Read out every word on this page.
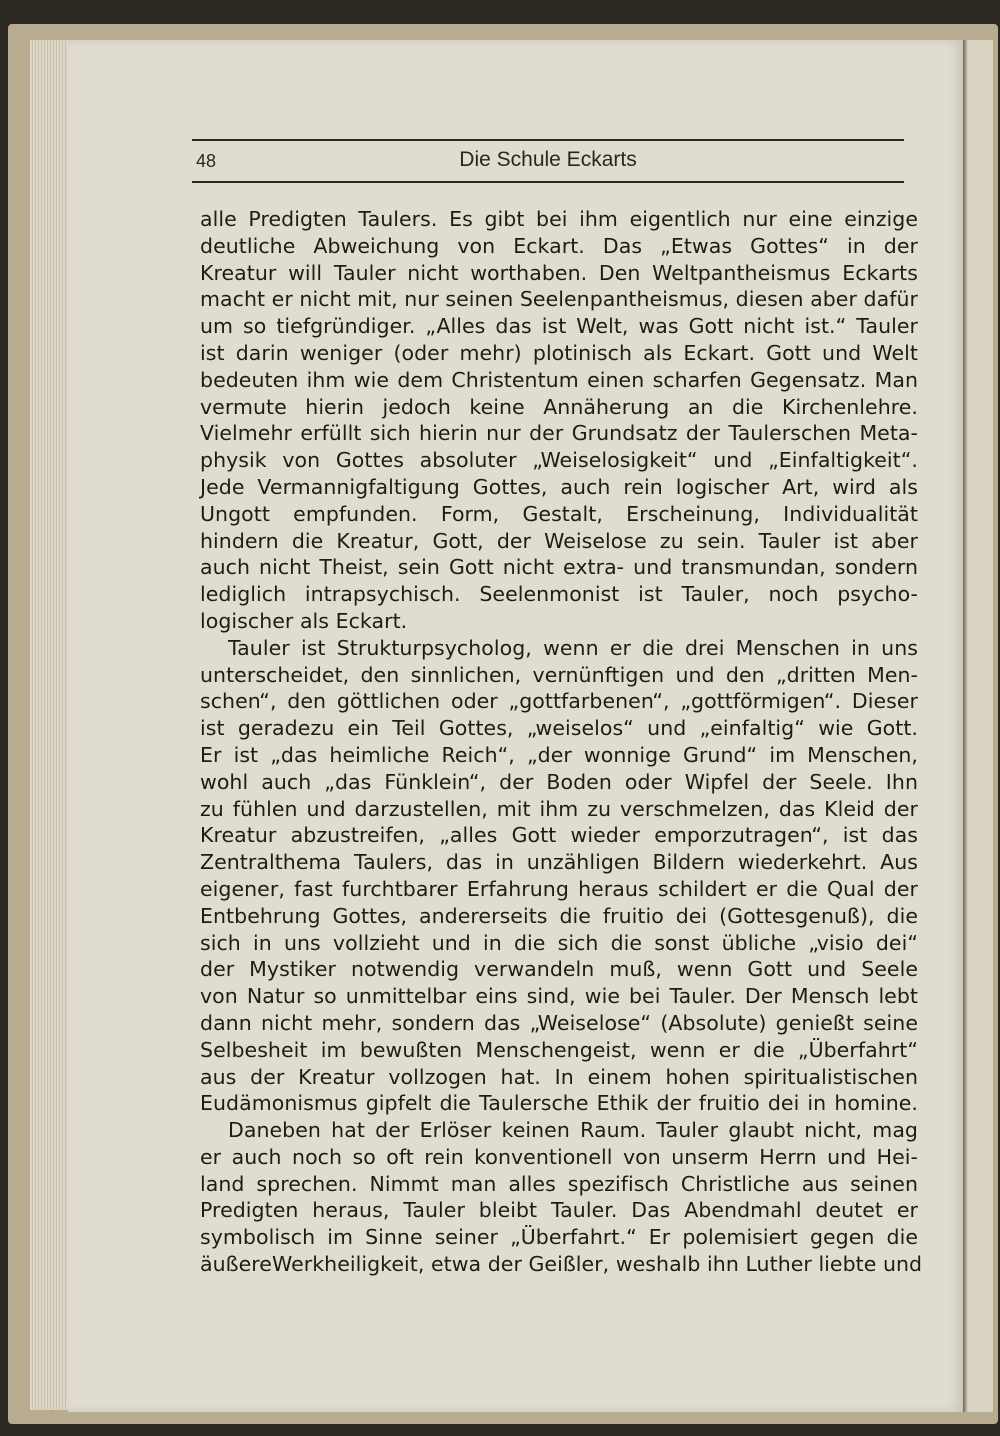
48	Die Schule Eckarts
alle Predigten Taulers. Es gibt bei ihm eigentlich nur eine einzige
deutliche Abweichung von Eckart. Das „Etwas Gottes“ in der
Kreatur will Tauler nicht worthaben. Den Weltpantheismus Eckarts
macht er nicht mit, nur seinen Seelenpantheismus, diesen aber dafür
um so tiefgründiger. „Alles das ist Welt, was Gott nicht ist.“ Tauler
ist darin weniger (oder mehr) plotinisch als Eckart. Gott und Welt
bedeuten ihm wie dem Christentum einen scharfen Gegensatz. Man
vermute hierin jedoch keine Annäherung an die Kirchenlehre.
Vielmehr erfüllt sich hierin nur der Grundsatz der Taulerschen Meta-
physik von Gottes absoluter „Weiselosigkeit“ und „Einfaltigkeit“.
Jede Vermannigfaltigung Gottes, auch rein logischer Art, wird als
Ungott empfunden. Form, Gestalt, Erscheinung, Individualität
hindern die Kreatur, Gott, der Weiselose zu sein. Tauler ist aber
auch nicht Theist, sein Gott nicht extra- und transmundan, sondern
lediglich intrapsychisch. Seelenmonist ist Tauler, noch psycho-
logischer als Eckart.
Tauler ist Strukturpsycholog, wenn er die drei Menschen in uns
unterscheidet, den sinnlichen, vernünftigen und den „dritten Men-
schen“, den göttlichen oder „gottfarbenen“, „gottförmigen“. Dieser
ist geradezu ein Teil Gottes, „weiselos“ und „einfaltig“ wie Gott.
Er ist „das heimliche Reich“, „der wonnige Grund“ im Menschen,
wohl auch „das Fünklein“, der Boden oder Wipfel der Seele. Ihn
zu fühlen und darzustellen, mit ihm zu verschmelzen, das Kleid der
Kreatur abzustreifen, „alles Gott wieder emporzutragen“, ist das
Zentralthema Taulers, das in unzähligen Bildern wiederkehrt. Aus
eigener, fast furchtbarer Erfahrung heraus schildert er die Qual der
Entbehrung Gottes, andererseits die fruitio dei (Gottesgenuß), die
sich in uns vollzieht und in die sich die sonst übliche „visio dei“
der Mystiker notwendig verwandeln muß, wenn Gott und Seele
von Natur so unmittelbar eins sind, wie bei Tauler. Der Mensch lebt
dann nicht mehr, sondern das „Weiselose“ (Absolute) genießt seine
Selbesheit im bewußten Menschengeist, wenn er die „Überfahrt“
aus der Kreatur vollzogen hat. In einem hohen spiritualistischen
Eudämonismus gipfelt die Taulersche Ethik der fruitio dei in homine.
Daneben hat der Erlöser keinen Raum. Tauler glaubt nicht, mag
er auch noch so oft rein konventionell von unserm Herrn und Hei-
land sprechen. Nimmt man alles spezifisch Christliche aus seinen
Predigten heraus, Tauler bleibt Tauler. Das Abendmahl deutet er
symbolisch im Sinne seiner „Überfahrt.“ Er polemisiert gegen die
äußereWerkheiligkeit, etwa der Geißler, weshalb ihn Luther liebte und
